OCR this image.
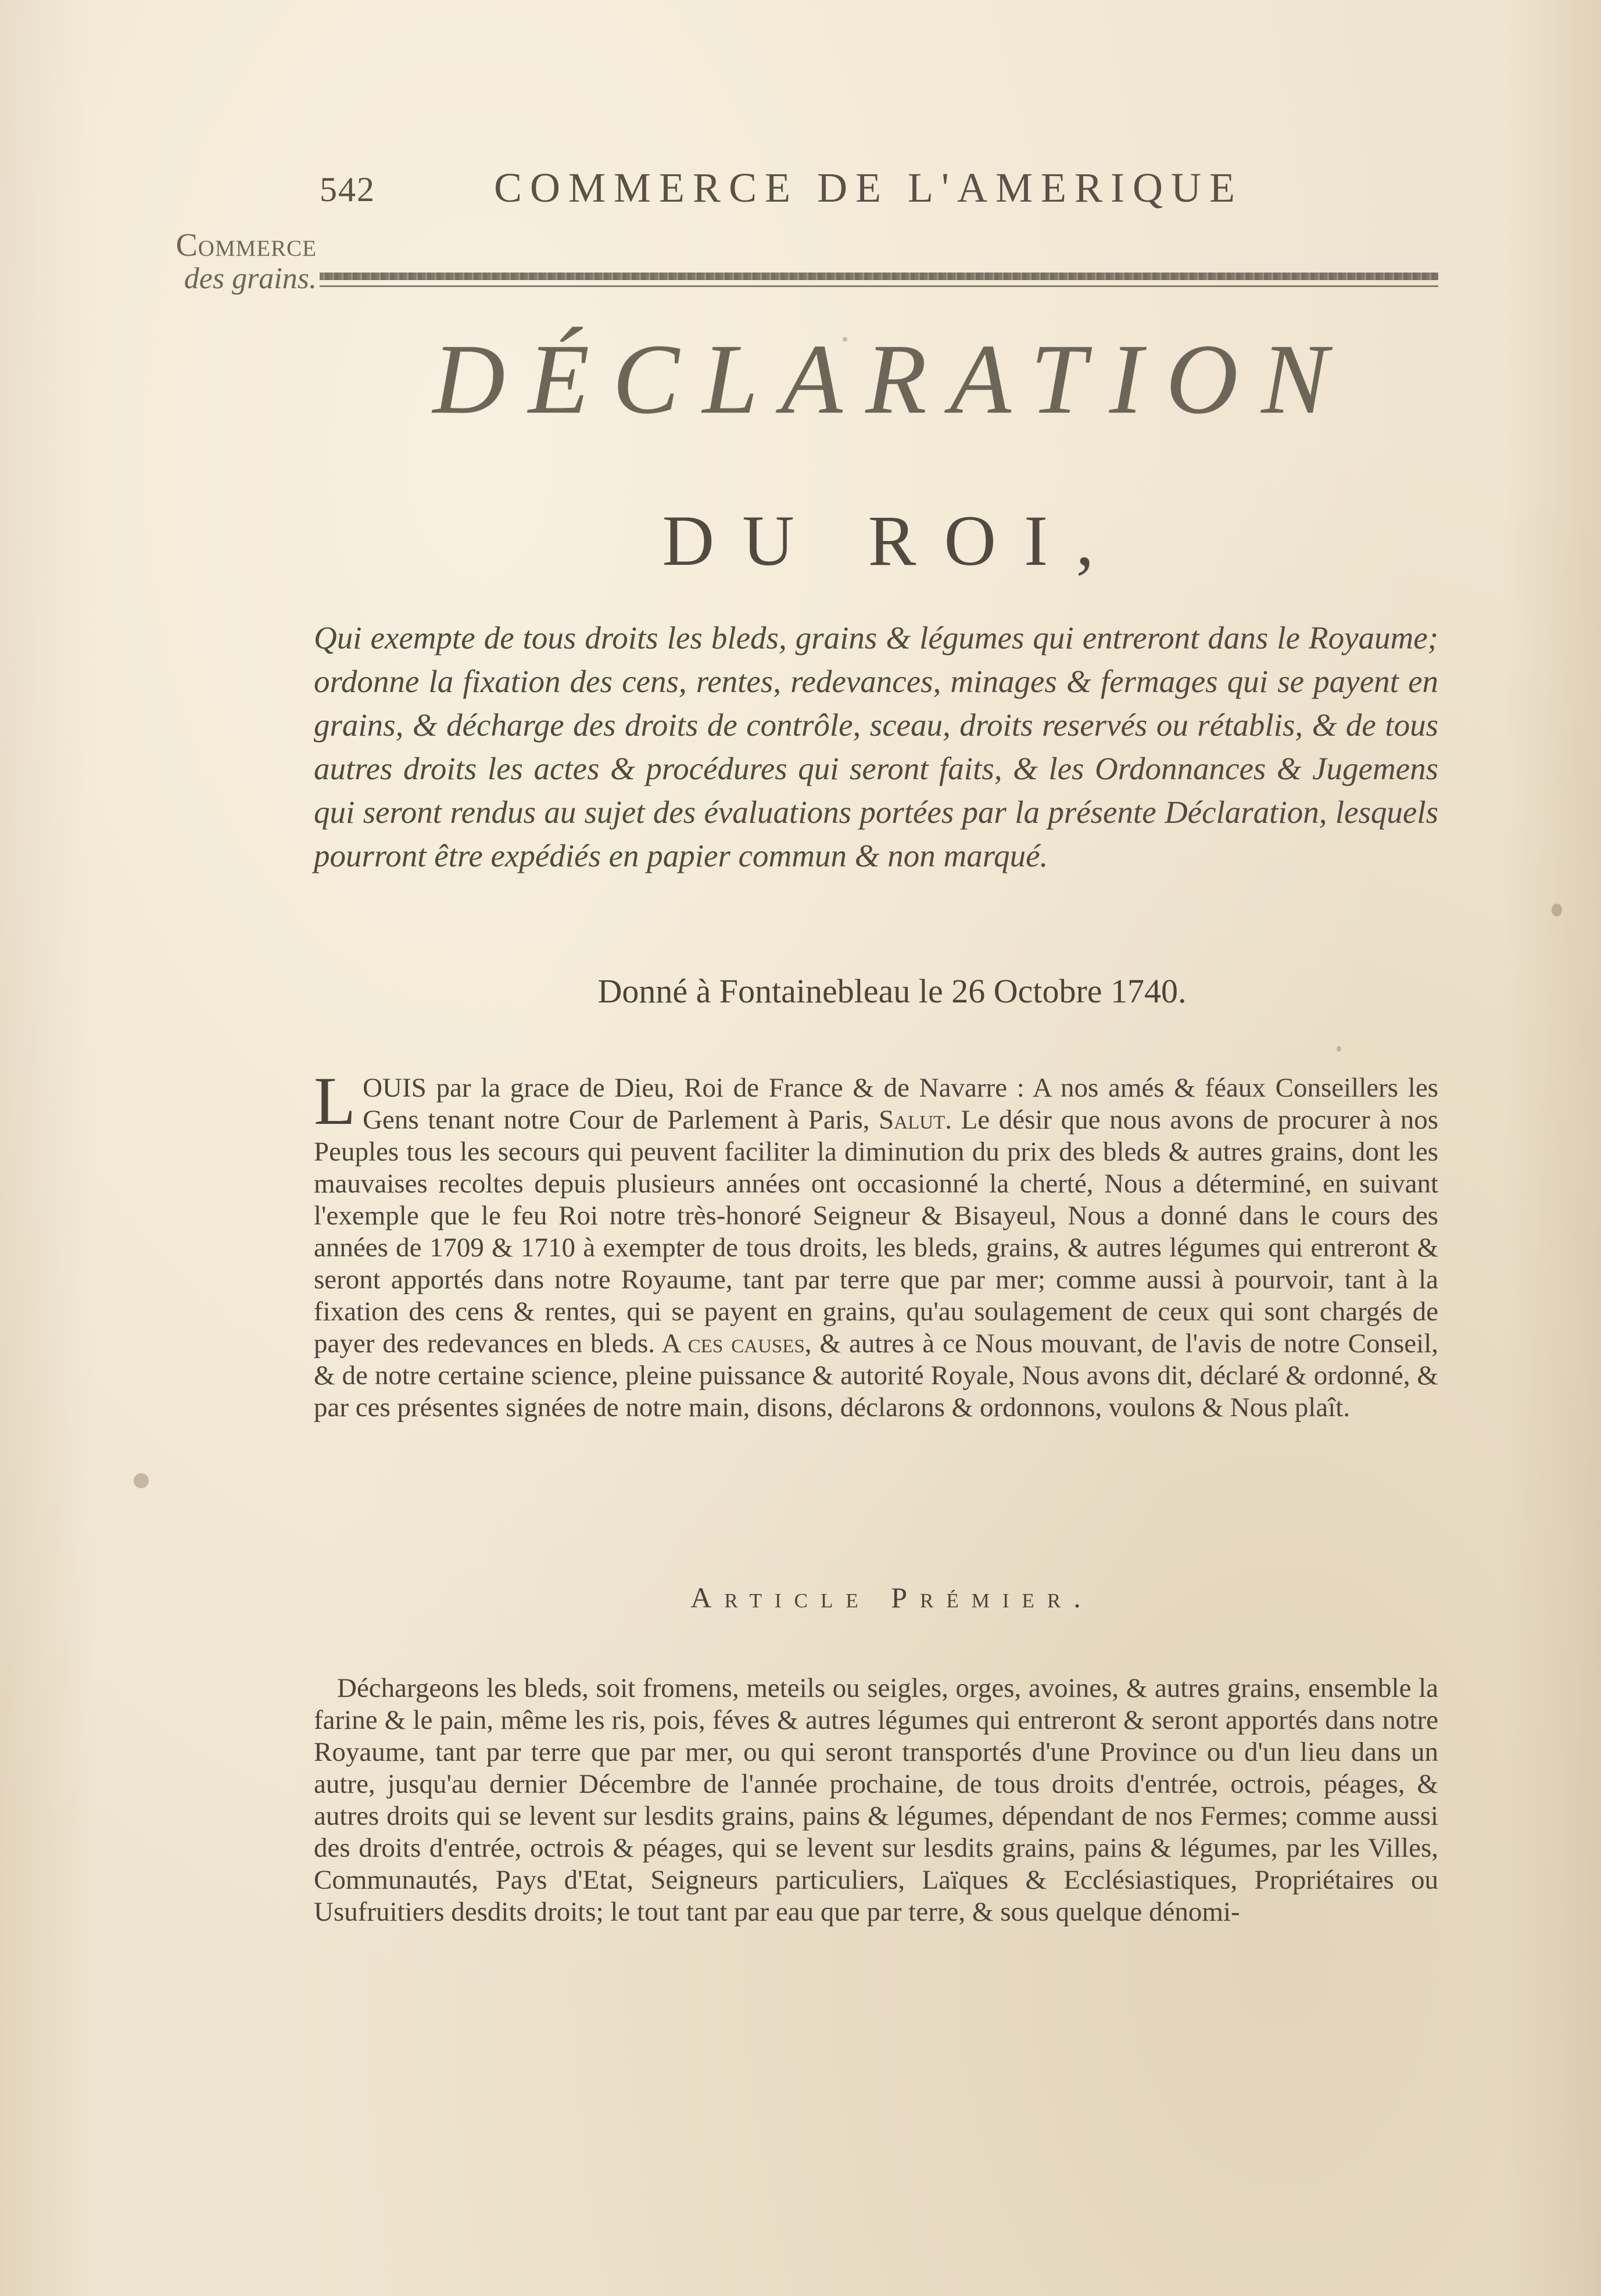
542	COMMERCE DE L'AMERIQUE
Commerce
des grains.
DÉCLARATION
DU ROI,
Qui exempte de tous droits les bleds, grains & légumes qui entreront dans le Royaume; ordonne la fixation des cens, rentes, redevances, minages & fermages qui se payent en grains, & décharge des droits de contrôle, sceau, droits reservés ou rétablis, & de tous autres droits les actes & procédures qui seront faits, & les Ordonnances & Jugemens qui seront rendus au sujet des évaluations portées par la présente Déclaration, lesquels pourront être expédiés en papier commun & non marqué.
Donné à Fontainebleau le 26 Octobre 1740.
LOUIS par la grace de Dieu, Roi de France & de Navarre : A nos amés & féaux Conseillers les Gens tenant notre Cour de Parlement à Paris, Salut. Le désir que nous avons de procurer à nos Peuples tous les secours qui peuvent faciliter la diminution du prix des bleds & autres grains, dont les mauvaises recoltes depuis plusieurs années ont occasionné la cherté, Nous a déterminé, en suivant l'exemple que le feu Roi notre très-honoré Seigneur & Bisayeul, Nous a donné dans le cours des années de 1709 & 1710 à exempter de tous droits, les bleds, grains, & autres légumes qui entreront & seront apportés dans notre Royaume, tant par terre que par mer; comme aussi à pourvoir, tant à la fixation des cens & rentes, qui se payent en grains, qu'au soulagement de ceux qui sont chargés de payer des redevances en bleds. A ces causes, & autres à ce Nous mouvant, de l'avis de notre Conseil, & de notre certaine science, pleine puissance & autorité Royale, Nous avons dit, déclaré & ordonné, & par ces présentes signées de notre main, disons, déclarons & ordonnons, voulons & Nous plaît.
Article Prémier.
Déchargeons les bleds, soit fromens, meteils ou seigles, orges, avoines, & autres grains, ensemble la farine & le pain, même les ris, pois, féves & autres légumes qui entreront & seront apportés dans notre Royaume, tant par terre que par mer, ou qui seront transportés d'une Province ou d'un lieu dans un autre, jusqu'au dernier Décembre de l'année prochaine, de tous droits d'entrée, octrois, péages, & autres droits qui se levent sur lesdits grains, pains & légumes, dépendant de nos Fermes; comme aussi des droits d'entrée, octrois & péages, qui se levent sur lesdits grains, pains & légumes, par les Villes, Communautés, Pays d'Etat, Seigneurs particuliers, Laïques & Ecclésiastiques, Propriétaires ou Usufruitiers desdits droits; le tout tant par eau que par terre, & sous quelque dénomi-
